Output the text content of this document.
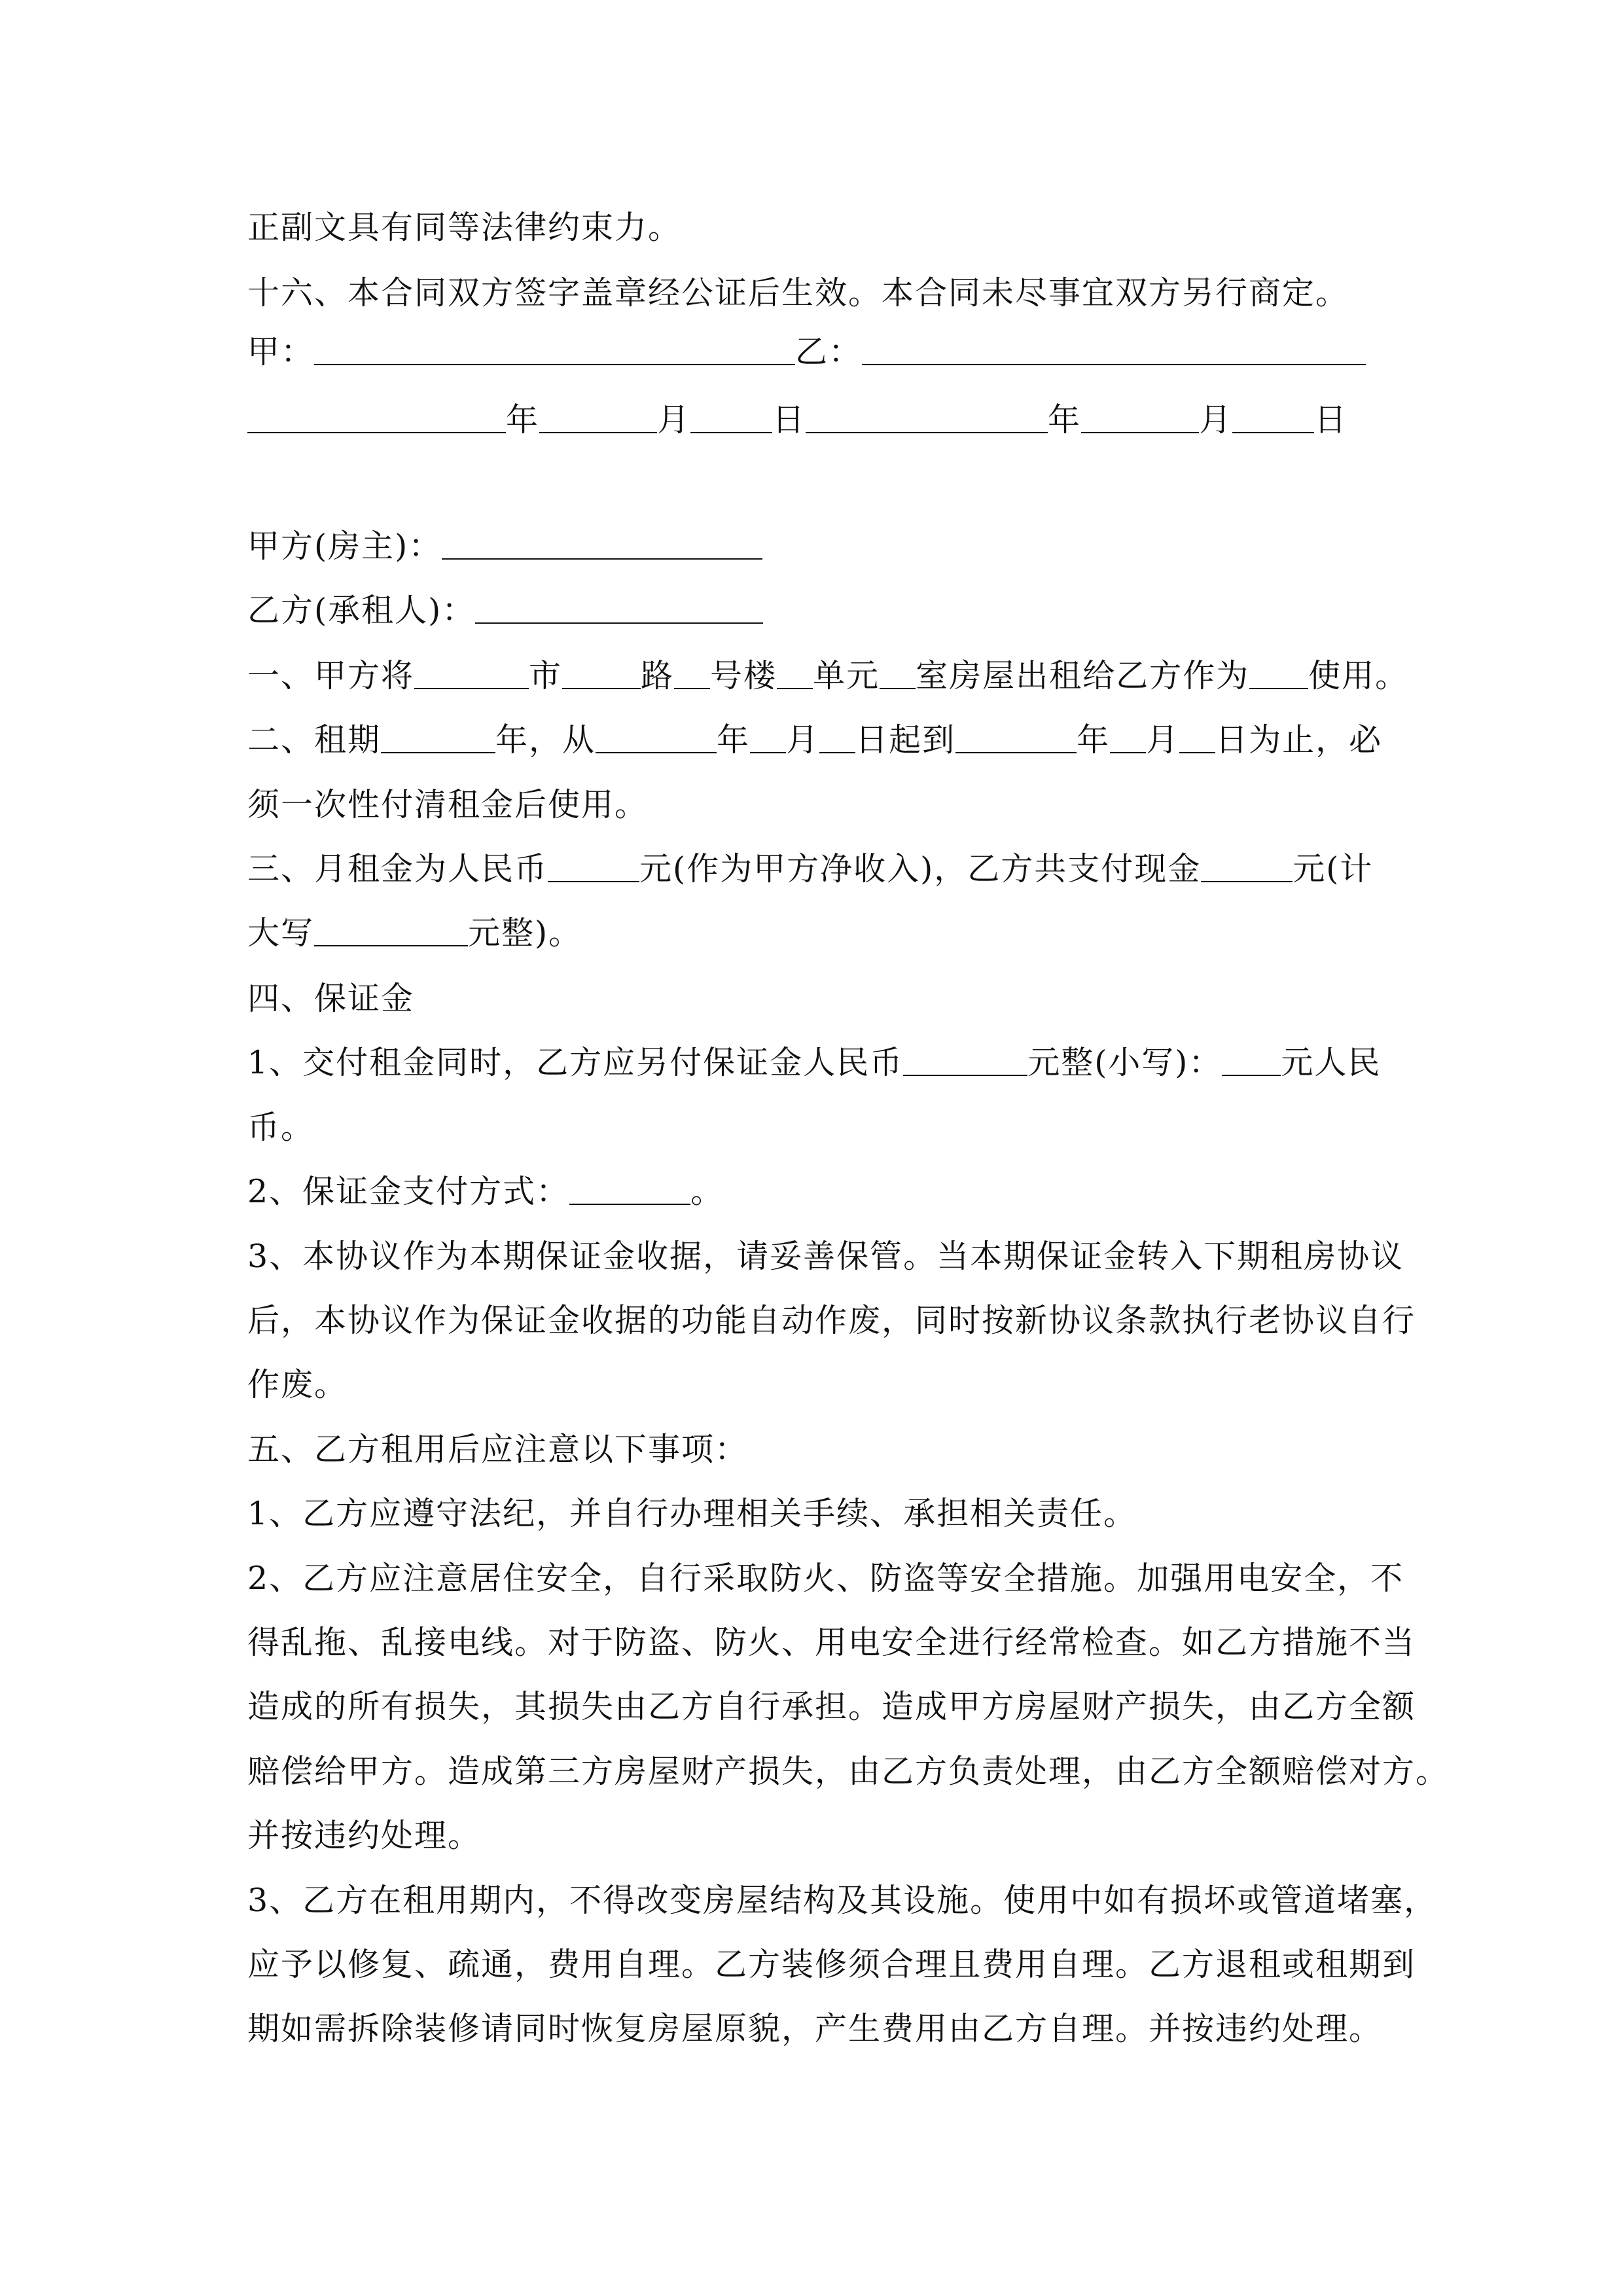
正副文具有同等法律约束力。
十六、本合同双方签字盖章经公证后生效。本合同未尽事宜双方另行商定。
甲：	乙：
年	月	日	年	月	日
甲方(房主)：
乙方(承租人)：
一、甲方将	市 路 号楼 单元 室房屋出租给乙方作为 使用。
二、租期	年，从	年 月 日起到	年 月 日为止，必
须一次性付清租金后使用。
三、月租金为人民币	元(作为甲方净收入)，乙方共支付现金	元(计
大写	元整)。
四、保证金
1、交付租金同时，乙方应另付保证金人民币	元整(小写)： 元人民
币。
2、保证金支付方式：	。
3、本协议作为本期保证金收据，请妥善保管。当本期保证金转入下期租房协议
后，本协议作为保证金收据的功能自动作废，同时按新协议条款执行老协议自行
作废。
五、乙方租用后应注意以下事项：
1、乙方应遵守法纪，并自行办理相关手续、承担相关责任。
2、乙方应注意居住安全，自行采取防火、防盗等安全措施。加强用电安全，不
得乱拖、乱接电线。对于防盗、防火、用电安全进行经常检查。如乙方措施不当
造成的所有损失，其损失由乙方自行承担。造成甲方房屋财产损失，由乙方全额
赔偿给甲方。造成第三方房屋财产损失，由乙方负责处理，由乙方全额赔偿对方。
并按违约处理。
3、乙方在租用期内，不得改变房屋结构及其设施。使用中如有损坏或管道堵塞，
应予以修复、疏通，费用自理。乙方装修须合理且费用自理。乙方退租或租期到
期如需拆除装修请同时恢复房屋原貌，产生费用由乙方自理。并按违约处理。
